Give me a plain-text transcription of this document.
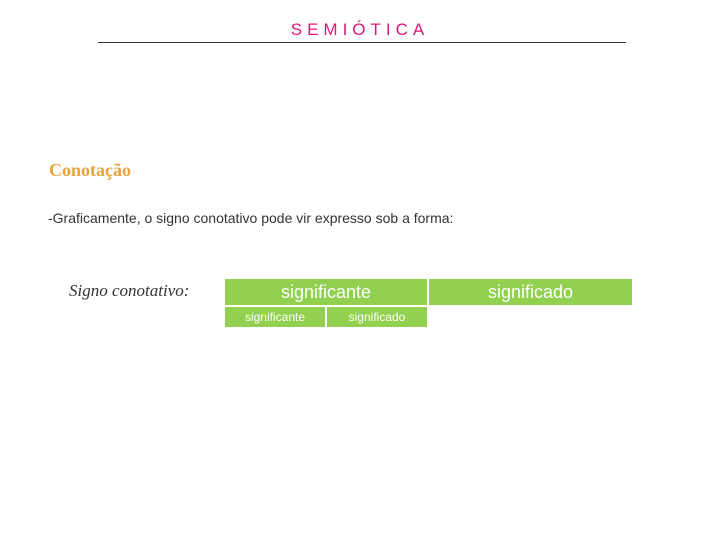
SEMIÓTICA
Conotação
-Graficamente, o signo conotativo pode vir expresso sob a forma:
Signo conotativo:	significante	significado
significante	significado
